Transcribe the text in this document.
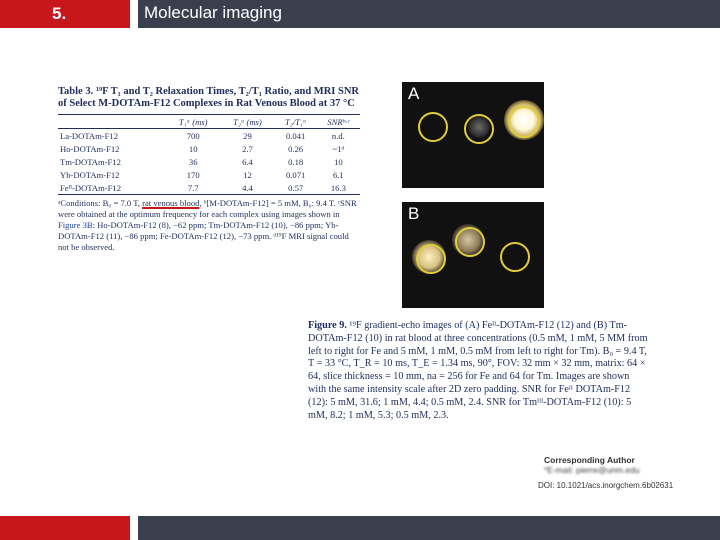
5.	Molecular imaging
Table 3. ¹⁹F T₁ and T₂ Relaxation Times, T₂/T₁ Ratio, and MRI SNR of Select M-DOTAm-F12 Complexes in Rat Venous Blood at 37 °C
	T₁ᵃ (ms)	T₂ᵃ (ms)	T₂/T₁ᵃ	SNRᵇ·ᶜ

La-DOTAm-F12	700	29	0.041	n.d.
Ho-DOTAm-F12	10	2.7	0.26	~1ᵈ
Tm-DOTAm-F12	36	6.4	0.18	10
Yb-DOTAm-F12	170	12	0.071	6.1
Feᴵᴵ-DOTAm-F12	7.7	4.4	0.57	16.3
ᵃConditions: B₀ = 7.0 T, rat venous blood, ᵇ[M-DOTAm-F12] = 5 mM, B₀: 9.4 T. ᶜSNR were obtained at the optimum frequency for each complex using images shown in Figure 3B: Ho-DOTAm-F12 (8), −62 ppm; Tm-DOTAm-F12 (10), −86 ppm; Yb-DOTAm-F12 (11), −86 ppm; Fe-DOTAm-F12 (12), −73 ppm. ᵈ¹⁹F MRI signal could not be observed.
A
B
Figure 9. ¹⁹F gradient-echo images of (A) Feᴵᴵ-DOTAm-F12 (12) and (B) Tm-DOTAm-F12 (10) in rat blood at three concentrations (0.5 mM, 1 mM, 5 MM from left to right for Fe and 5 mM, 1 mM, 0.5 mM from left to right for Tm). B₀ = 9.4 T, T = 33 °C, T_R = 10 ms, T_E = 1.34 ms, 90°, FOV: 32 mm × 32 mm, matrix: 64 × 64, slice thickness = 10 mm, na = 256 for Fe and 64 for Tm. Images are shown with the same intensity scale after 2D zero padding. SNR for Feᴵᴵ DOTAm-F12 (12): 5 mM, 31.6; 1 mM, 4.4; 0.5 mM, 2.4. SNR for Tmᴵᴵᴵ-DOTAm-F12 (10): 5 mM, 8.2; 1 mM, 5.3; 0.5 mM, 2.3.
Corresponding Author
*E-mail: pierre@unm.edu
DOI: 10.1021/acs.inorgchem.6b02631
